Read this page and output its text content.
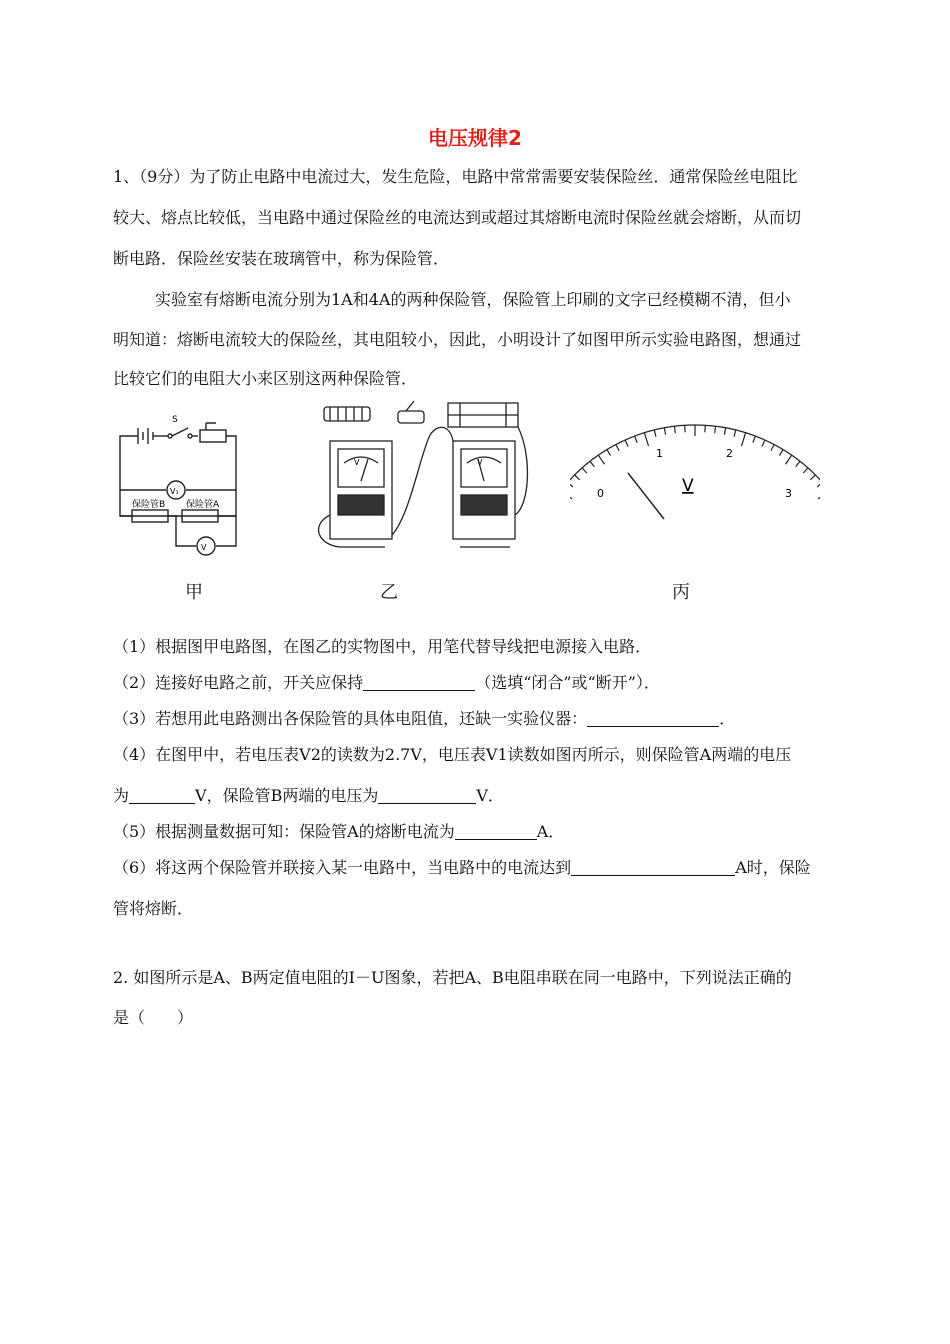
电压规律2
1、（9分）为了防止电路中电流过大，发生危险，电路中常常需要安装保险丝．通常保险丝电阻比
较大、熔点比较低，当电路中通过保险丝的电流达到或超过其熔断电流时保险丝就会熔断，从而切
断电路．保险丝安装在玻璃管中，称为保险管．
实验室有熔断电流分别为1A和4A的两种保险管，保险管上印刷的文字已经模糊不清，但小
明知道：熔断电流较大的保险丝，其电阻较小，因此，小明设计了如图甲所示实验电路图，想通过
比较它们的电阻大小来区别这两种保险管．
S
V₁
V
保险管B 保险管A
V	V
0
1	2
3
V
甲	乙	丙
（1）根据图甲电路图，在图乙的实物图中，用笔代替导线把电源接入电路．
（2）连接好电路之前，开关应保持	（选填“闭合”或“断开”）．
（3）若想用此电路测出各保险管的具体电阻值，还缺一实验仪器：	．
（4）在图甲中，若电压表V2的读数为2.7V，电压表V1读数如图丙所示，则保险管A两端的电压
为	V，保险管B两端的电压为	V．
（5）根据测量数据可知：保险管A的熔断电流为	A．
（6）将这两个保险管并联接入某一电路中，当电路中的电流达到	A时，保险
管将熔断．
2. 如图所示是A、B两定值电阻的I－U图象，若把A、B电阻串联在同一电路中，下列说法正确的
是（　　）
